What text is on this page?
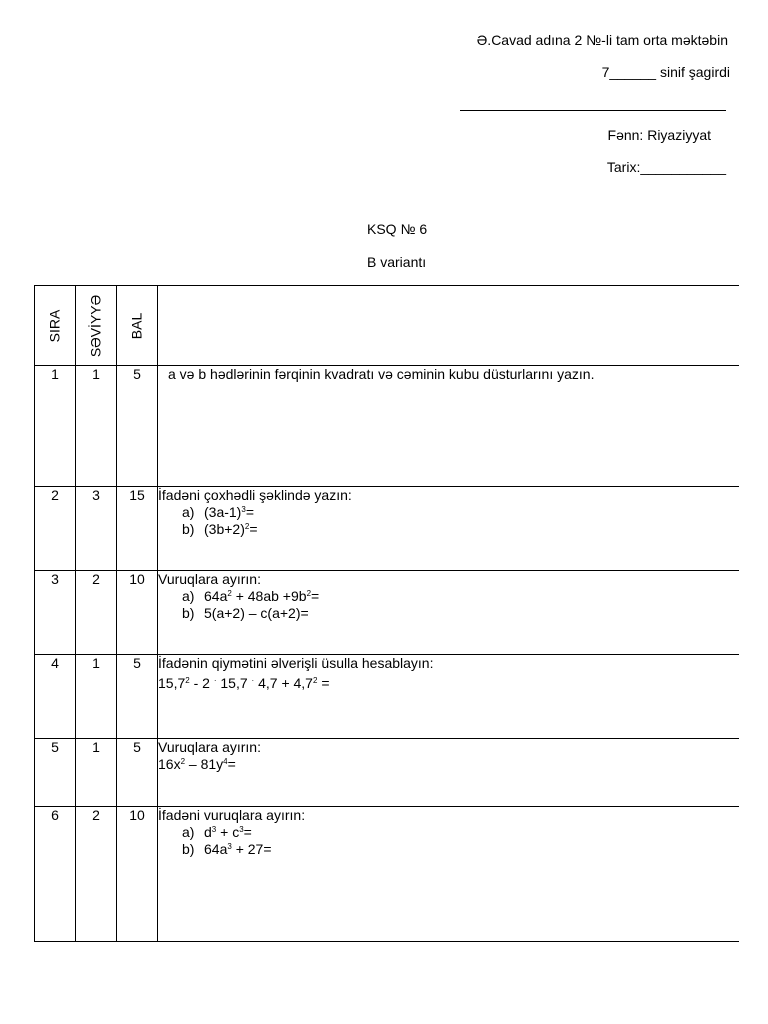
Ə.Cavad adına 2 №-li tam orta məktəbin
7______ sinif şagirdi
Fənn: Riyaziyyat
Tarix:___________
KSQ № 6
B variantı
SIRA	SƏVİYYƏ	BAL	

1	1	5	a və b hədlərinin fərqinin kvadratı və cəminin kubu düsturlarını yazın.

2	3	15	İfadəni çoxhədli şəklində yazın:
a) $(3a-1)^3=$
b) $(3b+2)^2=$

3	2	10	Vuruqlara ayırın:
a) $64a^2 + 48ab +9b^2=$
b) 5(a+2) – c(a+2)=

4	1	5	İfadənin qiymətini əlverişli üsulla hesablayın:
15,7$^2$ - 2 · 15,7 · $4,7 + 4,7^2$ =

5	1	5	Vuruqlara ayırın:
$16x^2 - 81y^4=$

6	2	10	İfadəni vuruqlara ayırın:
a) $d^3 + c^3=$
b) $64a^3 + 27=$
